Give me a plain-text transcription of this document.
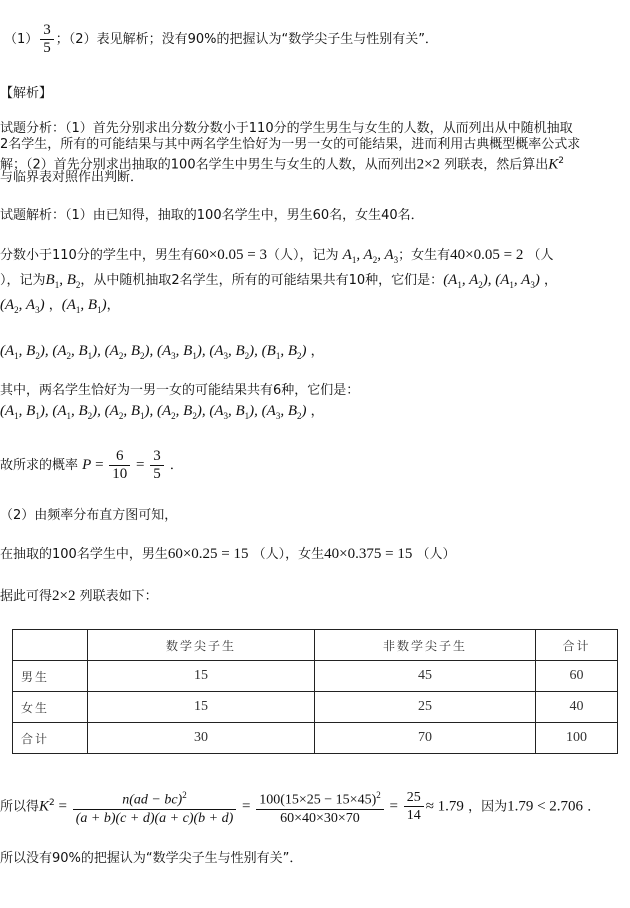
$(1) \frac{3}{5}$ ；（2）表见解析；没有90%的把握认为“数学尖子生与性别有关”．
【解析】
试题分析：（1）首先分别求出分数分数小于110分的学生男生与女生的人数，从而列出从中随机抽取
2名学生，所有的可能结果与其中两名学生恰好为一男一女的可能结果，进而利用古典概型概率公式求
解；（2）首先分别求出抽取的100名学生中男生与女生的人数，从而列出2×2 列联表，然后算出$K^2$
与临界表对照作出判断．
试题解析：（1）由已知得，抽取的100名学生中，男生60名，女生40名．
分数小于110分的学生中，男生有60×0.05 = 3（人），记为 $A_1$, $A_2$, $A_3$；女生有40×0.05 = 2 （人
），记为$B_1$, $B_2$，从中随机抽取2名学生，所有的可能结果共有10种，它们是：($A_1$, $A_2$), ($A_1$, $A_3$) ，
($A_2$, $A_3$) ，($A_1$, $B_1$)，
($A_1$, $B_2$), ($A_2$, $B_1$), ($A_2$, $B_2$), ($A_3$, $B_1$), ($A_3$, $B_2$), ($B_1$, $B_2$) ，
其中，两名学生恰好为一男一女的可能结果共有6种，它们是：
($A_1$, $B_1$), ($A_1$, $B_2$), ($A_2$, $B_1$), ($A_2$, $B_2$), ($A_3$, $B_1$), ($A_3$, $B_2$) ，
故所求的概率 $P = \frac{6}{10} = \frac{3}{5}$ ．
（2）由频率分布直方图可知，
在抽取的100名学生中，男生60×0.25 = 15 （人），女生40×0.375 = 15 （人）
据此可得2×2 列联表如下：
	数学尖子生	非数学尖子生	合计
男生	15	45	60
女生	15	25	40
合计	30	70	100
所以得$K^2 = \frac{n(ad - bc)^2}{(a + b)(c + d)(a + c)(b + d)} = \frac{100(15\times 25 - 15\times 45)^2}{60\times 40\times 30\times 70} = \frac{25}{14} \approx 1.79$ ，因为1.79 < 2.706 ．
所以没有90%的把握认为“数学尖子生与性别有关”．
